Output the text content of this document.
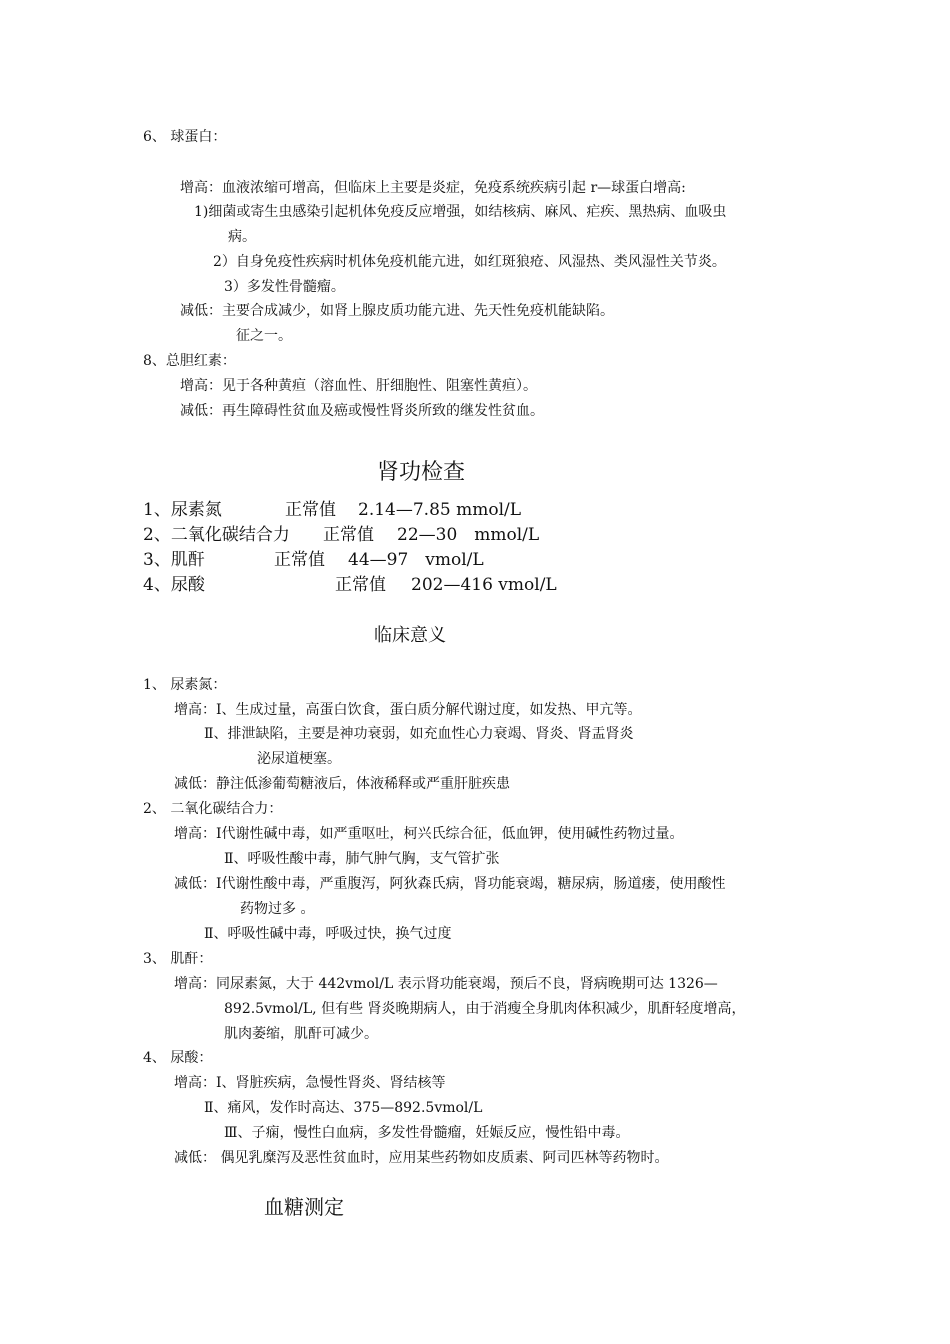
6、 球蛋白：
增高：血液浓缩可增高，但临床上主要是炎症，免疫系统疾病引起 r—球蛋白增高:
1)细菌或寄生虫感染引起机体免疫反应增强，如结核病、麻风、疟疾、黑热病、血吸虫
病。
2）自身免疫性疾病时机体免疫机能亢进，如红斑狼疮、风湿热、类风湿性关节炎。
3）多发性骨髓瘤。
减低：主要合成减少，如肾上腺皮质功能亢进、先天性免疫机能缺陷。
征之一。
8、总胆红素：
增高：见于各种黄疸（溶血性、肝细胞性、阻塞性黄疸）。
减低：再生障碍性贫血及癌或慢性肾炎所致的继发性贫血。
肾功检查
1、尿素氮	正常值 2.14—7.85 mmol/L
2、二氧化碳结合力 正常值 22—30　mmol/L
3、肌酐	正常值 44—97　vmol/L
4、尿酸	正常值 202—416 vmol/L
临床意义
1、 尿素氮：
增高：Ⅰ、生成过量，高蛋白饮食，蛋白质分解代谢过度，如发热、甲亢等。
Ⅱ、排泄缺陷，主要是神功衰弱，如充血性心力衰竭、肾炎、肾盂肾炎
泌尿道梗塞。
减低：静注低渗葡萄糖液后，体液稀释或严重肝脏疾患
2、 二氧化碳结合力：
增高：Ⅰ代谢性碱中毒，如严重呕吐，柯兴氏综合征，低血钾，使用碱性药物过量。
Ⅱ、呼吸性酸中毒，肺气肿气胸，支气管扩张
减低：Ⅰ代谢性酸中毒，严重腹泻，阿狄森氏病，肾功能衰竭，糖尿病，肠道瘘，使用酸性
药物过多 。
Ⅱ、呼吸性碱中毒，呼吸过快，换气过度
3、 肌酐：
增高：同尿素氮，大于 442vmol/L 表示肾功能衰竭，预后不良，肾病晚期可达 1326—
892.5vmol/L, 但有些 肾炎晚期病人，由于消瘦全身肌肉体积减少，肌酐轻度增高，
肌肉萎缩，肌酐可减少。
4、 尿酸：
增高：Ⅰ、肾脏疾病，急慢性肾炎、肾结核等
Ⅱ、痛风，发作时高达、375—892.5vmol/L
Ⅲ、子痫，慢性白血病，多发性骨髓瘤，妊娠反应，慢性铅中毒。
减低： 偶见乳糜泻及恶性贫血时，应用某些药物如皮质素、阿司匹林等药物时。
血糖测定
